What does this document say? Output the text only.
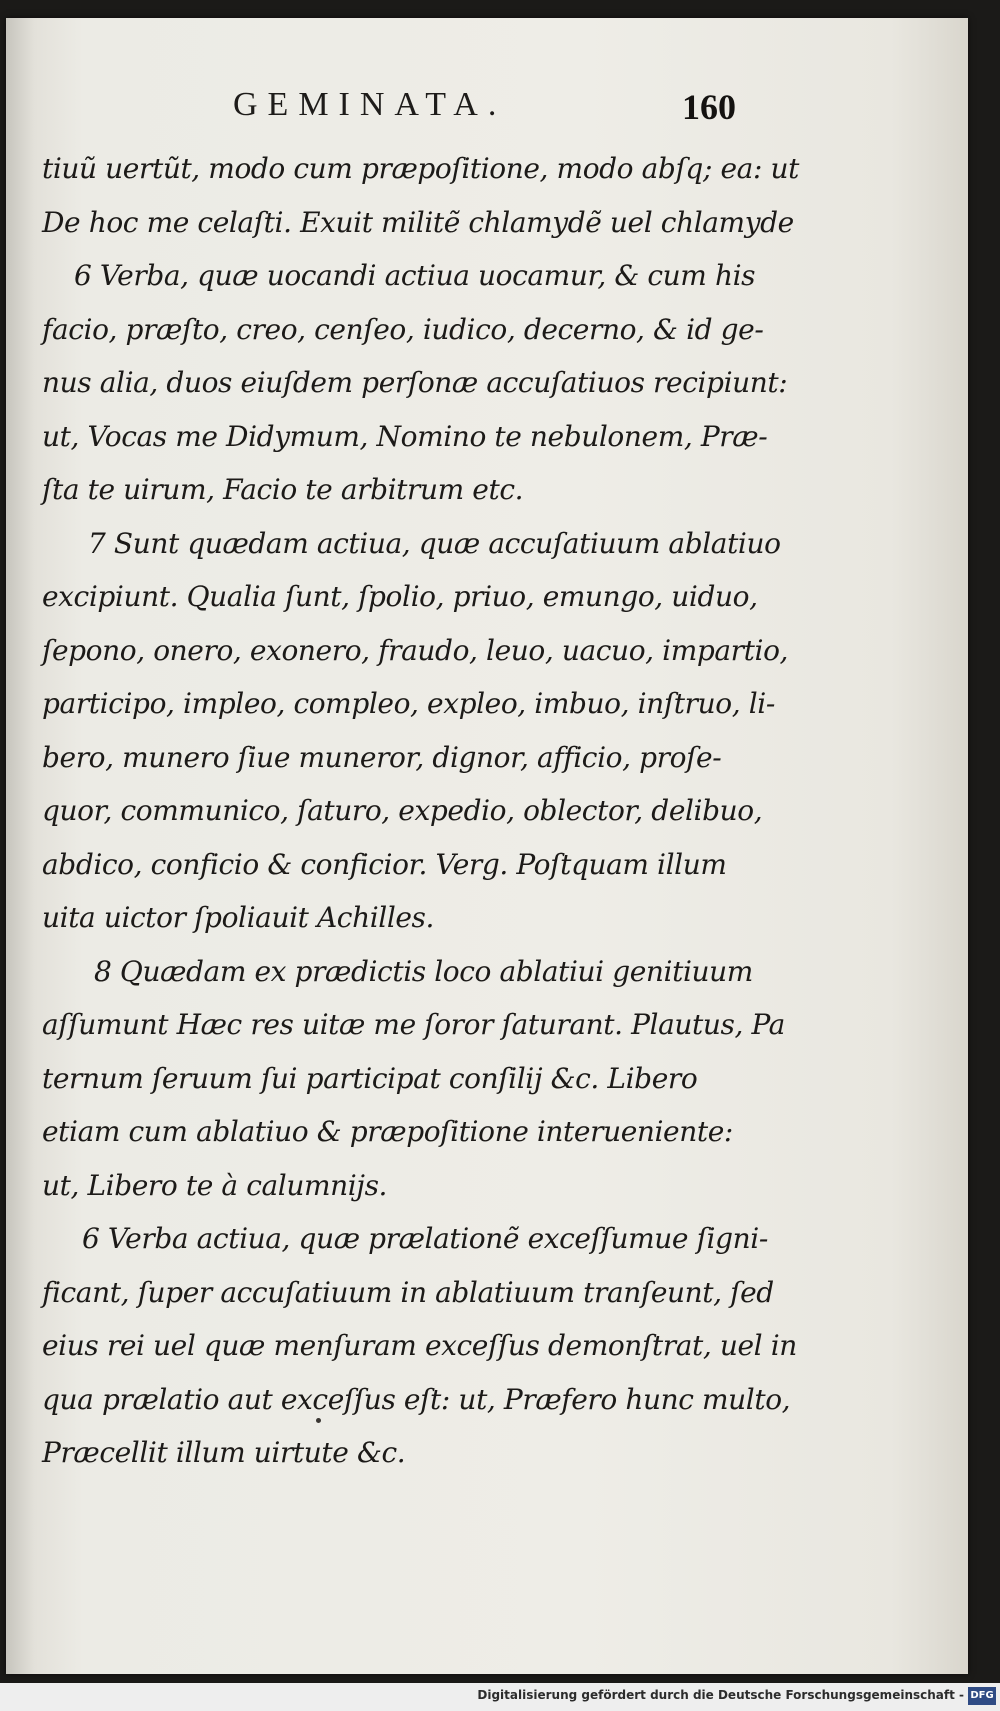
GEMINATA.	160
tiuũ uertũt, modo cum præpoſitione, modo abſq; ea: ut
De hoc me celaſti. Exuit militẽ chlamydẽ uel chlamyde
6 Verba, quæ uocandi actiua uocamur, & cum his
facio, præſto, creo, cenſeo, iudico, decerno, & id ge-
nus alia, duos eiuſdem perſonæ accuſatiuos recipiunt:
ut, Vocas me Didymum, Nomino te nebulonem, Præ-
ſta te uirum, Facio te arbitrum etc.
7 Sunt quædam actiua, quæ accuſatiuum ablatiuo
excipiunt. Qualia ſunt, ſpolio, priuo, emungo, uiduo,
ſepono, onero, exonero, fraudo, leuo, uacuo, impartio,
participo, impleo, compleo, expleo, imbuo, inſtruo, li-
bero, munero ſiue muneror, dignor, afficio, proſe-
quor, communico, ſaturo, expedio, oblector, delibuo,
abdico, conficio & conficior. Verg. Poſtquam illum
uita uictor ſpoliauit Achilles.
8 Quædam ex prædictis loco ablatiui genitiuum
aſſumunt Hæc res uitæ me ſoror ſaturant. Plautus, Pa
ternum ſeruum ſui participat conſilij &c. Libero
etiam cum ablatiuo & præpoſitione interueniente:
ut, Libero te à calumnijs.
6 Verba actiua, quæ prælationẽ exceſſumue ſigni-
ficant, ſuper accuſatiuum in ablatiuum tranſeunt, ſed
eius rei uel quæ menſuram exceſſus demonſtrat, uel in
qua prælatio aut exceſſus eſt: ut, Præfero hunc multo,
Præcellit illum uirtute &c.
Digitalisierung gefördert durch die Deutsche Forschungsgemeinschaft - DFG
